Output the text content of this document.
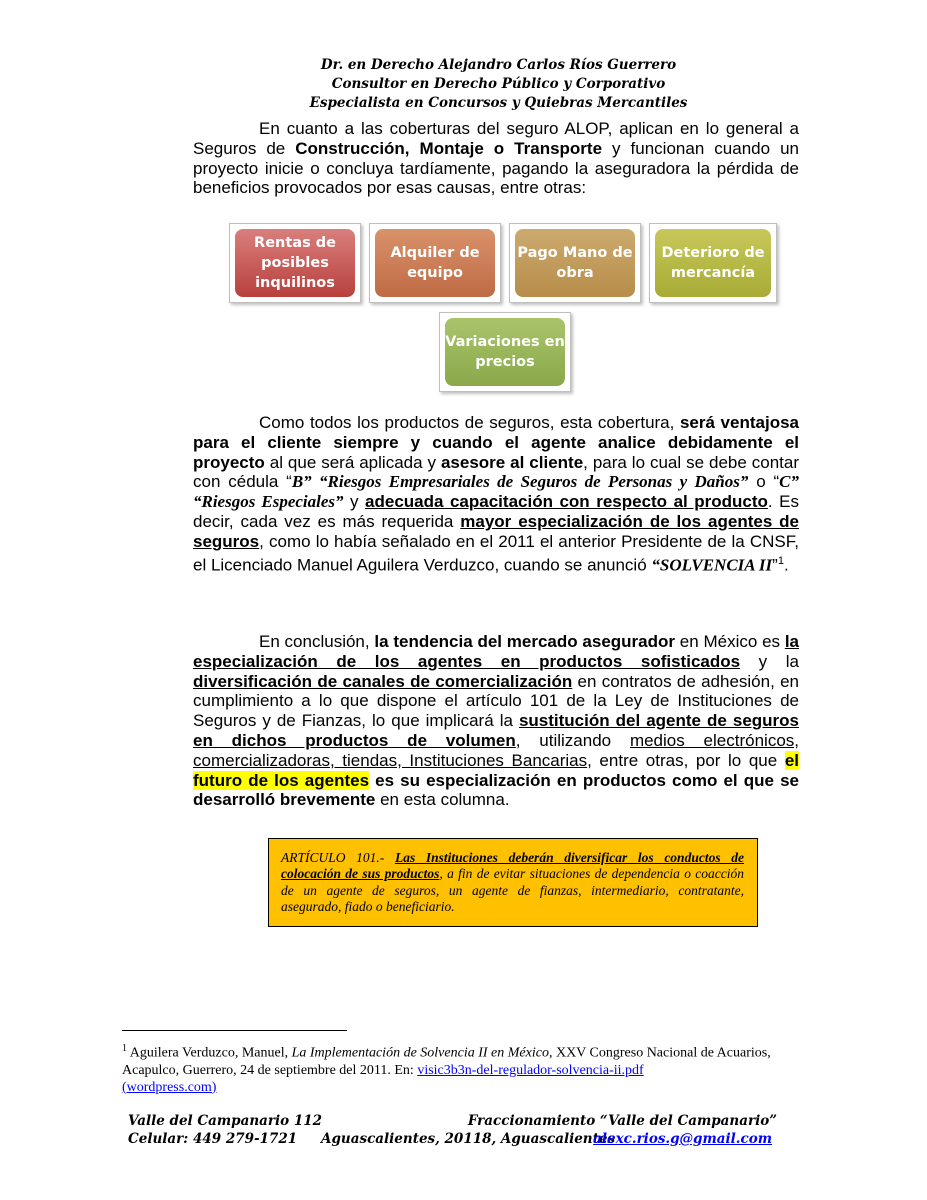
Dr. en Derecho Alejandro Carlos Ríos Guerrero
Consultor en Derecho Público y Corporativo
Especialista en Concursos y Quiebras Mercantiles

En cuanto a las coberturas del seguro ALOP, aplican en lo general a Seguros de Construcción, Montaje o Transporte y funcionan cuando un proyecto inicie o concluya tardíamente, pagando la aseguradora la pérdida de beneficios provocados por esas causas, entre otras:

Rentas de posibles inquilinos
Alquiler de equipo
Pago Mano de obra
Deterioro de mercancía
Variaciones en precios

Como todos los productos de seguros, esta cobertura, será ventajosa para el cliente siempre y cuando el agente analice debidamente el proyecto al que será aplicada y asesore al cliente, para lo cual se debe contar con cédula “B” “Riesgos Empresariales de Seguros de Personas y Daños” o “C” “Riesgos Especiales” y adecuada capacitación con respecto al producto. Es decir, cada vez es más requerida mayor especialización de los agentes de seguros, como lo había señalado en el 2011 el anterior Presidente de la CNSF, el Licenciado Manuel Aguilera Verduzco, cuando se anunció “SOLVENCIA II”$^1$.

En conclusión, la tendencia del mercado asegurador en México es la especialización de los agentes en productos sofisticados y la diversificación de canales de comercialización en contratos de adhesión, en cumplimiento a lo que dispone el artículo 101 de la Ley de Instituciones de Seguros y de Fianzas, lo que implicará la sustitución del agente de seguros en dichos productos de volumen, utilizando medios electrónicos, comercializadoras, tiendas, Instituciones Bancarias, entre otras, por lo que el futuro de los agentes es su especialización en productos como el que se desarrolló brevemente en esta columna.

ARTÍCULO 101.- Las Instituciones deberán diversificar los conductos de colocación de sus productos, a fin de evitar situaciones de dependencia o coacción de un agente de seguros, un agente de fianzas, intermediario, contratante, asegurado, fiado o beneficiario.
$^1$ Aguilera Verduzco, Manuel, La Implementación de Solvencia II en México, XXV Congreso Nacional de Acuarios, Acapulco, Guerrero, 24 de septiembre del 2011. En: visic3b3n-del-regulador-solvencia-ii.pdf
(wordpress.com)
Valle del Campanario 112	Fraccionamiento “Valle del Campanario”
Celular: 449 279-1721 Aguascalientes, 20118, Aguascalientes
alexc.rios.g@gmail.com
